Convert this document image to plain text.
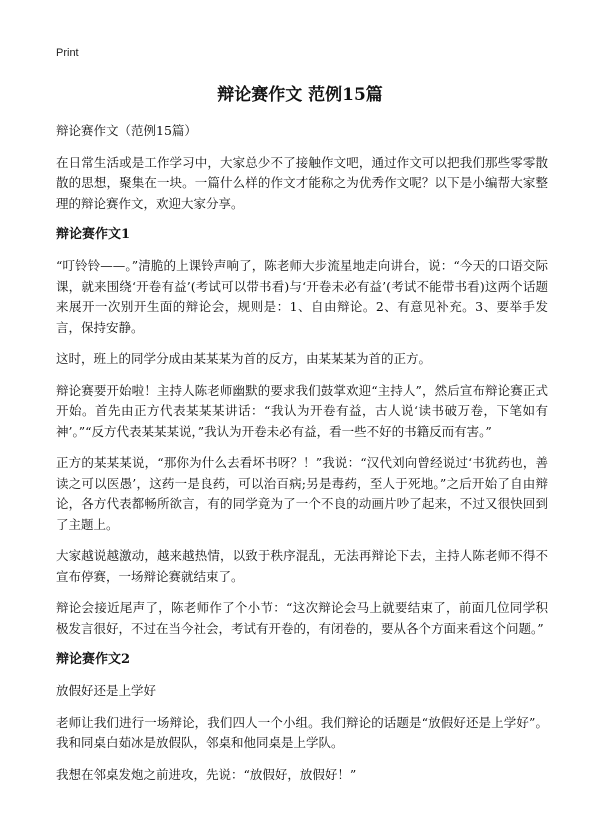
Print
辩论赛作文 范例15篇

辩论赛作文（范例15篇）

在日常生活或是工作学习中，大家总少不了接触作文吧，通过作文可以把我们那些零零散散的思想，聚集在一块。一篇什么样的作文才能称之为优秀作文呢？以下是小编帮大家整理的辩论赛作文，欢迎大家分享。

辩论赛作文1

“叮铃铃——。”清脆的上课铃声响了，陈老师大步流星地走向讲台，说：“今天的口语交际课，就来围绕‘开卷有益’(考试可以带书看)与‘开卷未必有益’(考试不能带书看)这两个话题来展开一次别开生面的辩论会，规则是：1、自由辩论。2、有意见补充。3、要举手发言，保持安静。

这时，班上的同学分成由某某某为首的反方，由某某某为首的正方。

辩论赛要开始啦！主持人陈老师幽默的要求我们鼓掌欢迎“主持人”，然后宣布辩论赛正式开始。首先由正方代表某某某讲话：“我认为开卷有益，古人说‘读书破万卷，下笔如有神’。”“反方代表某某某说，”我认为开卷未必有益，看一些不好的书籍反而有害。”

正方的某某某说，“那你为什么去看坏书呀？！”我说：“汉代刘向曾经说过‘书犹药也，善读之可以医愚’，这药一是良药，可以治百病;另是毒药，至人于死地。”之后开始了自由辩论，各方代表都畅所欲言，有的同学竟为了一个不良的动画片吵了起来，不过又很快回到了主题上。

大家越说越激动，越来越热情，以致于秩序混乱，无法再辩论下去，主持人陈老师不得不宣布停赛，一场辩论赛就结束了。

辩论会接近尾声了，陈老师作了个小节：“这次辩论会马上就要结束了，前面几位同学积极发言很好，不过在当今社会，考试有开卷的，有闭卷的，要从各个方面来看这个问题。”

辩论赛作文2

放假好还是上学好

老师让我们进行一场辩论，我们四人一个小组。我们辩论的话题是“放假好还是上学好”。我和同桌白茹冰是放假队，邻桌和他同桌是上学队。

我想在邻桌发炮之前进攻，先说：“放假好，放假好！”
